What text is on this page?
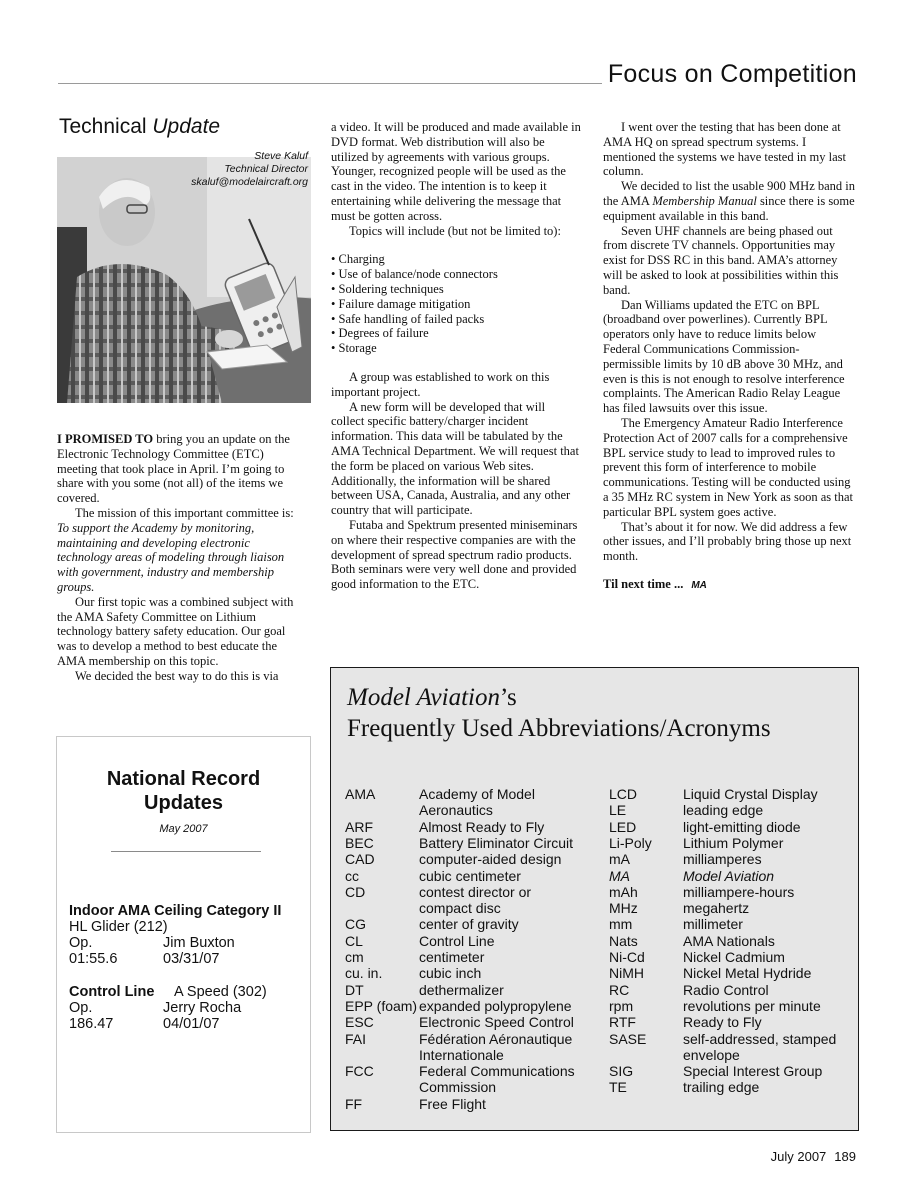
Focus on Competition
Technical Update
Steve Kaluf
Technical Director
skaluf@modelaircraft.org

I PROMISED TO bring you an update on the Electronic Technology Committee (ETC) meeting that took place in April. I’m going to share with you some (not all) of the items we covered.

The mission of this important committee is: To support the Academy by monitoring, maintaining and developing electronic technology areas of modeling through liaison with government, industry and membership groups.

Our first topic was a combined subject with the AMA Safety Committee on Lithium technology battery safety education. Our goal was to develop a method to best educate the AMA membership on this topic.

We decided the best way to do this is via

a video. It will be produced and made available in DVD format. Web distribution will also be utilized by agreements with various groups. Younger, recognized people will be used as the cast in the video. The intention is to keep it entertaining while delivering the message that must be gotten across.

Topics will include (but not be limited to):

• Charging
• Use of balance/node connectors
• Soldering techniques
• Failure damage mitigation
• Safe handling of failed packs
• Degrees of failure
• Storage

A group was established to work on this important project.

A new form will be developed that will collect specific battery/charger incident information. This data will be tabulated by the AMA Technical Department. We will request that the form be placed on various Web sites. Additionally, the information will be shared between USA, Canada, Australia, and any other country that will participate.

Futaba and Spektrum presented miniseminars on where their respective companies are with the development of spread spectrum radio products. Both seminars were very well done and provided good information to the ETC.

I went over the testing that has been done at AMA HQ on spread spectrum systems. I mentioned the systems we have tested in my last column.

We decided to list the usable 900 MHz band in the AMA Membership Manual since there is some equipment available in this band.

Seven UHF channels are being phased out from discrete TV channels. Opportunities may exist for DSS RC in this band. AMA’s attorney will be asked to look at possibilities within this band.

Dan Williams updated the ETC on BPL (broadband over powerlines). Currently BPL operators only have to reduce limits below Federal Communications Commission-permissible limits by 10 dB above 30 MHz, and even is this is not enough to resolve interference complaints. The American Radio Relay League has filed lawsuits over this issue.

The Emergency Amateur Radio Interference Protection Act of 2007 calls for a comprehensive BPL service study to lead to improved rules to prevent this form of interference to mobile communications. Testing will be conducted using a 35 MHz RC system in New York as soon as that particular BPL system goes active.

That’s about it for now. We did address a few other issues, and I’ll probably bring those up next month.

Til next time ... MA

National Record
Updates
May 2007
Indoor AMA Ceiling Category II
HL Glider (212)
Op.	Jim Buxton
01:55.6	03/31/07
Control Line A Speed (302)
Op.	Jerry Rocha
186.47	04/01/07
Model Aviation’s
Frequently Used Abbreviations/Acronyms
AMA	Academy of Model
Aeronautics
ARF	Almost Ready to Fly
BEC	Battery Eliminator Circuit
CAD	computer-aided design
cc	cubic centimeter
CD	contest director or
compact disc
CG	center of gravity
CL	Control Line
cm	centimeter
cu. in.	cubic inch
DT	dethermalizer
EPP (foam) expanded polypropylene
ESC	Electronic Speed Control
FAI	Fédération Aéronautique
Internationale
FCC	Federal Communications
Commission
FF	Free Flight
LCD	Liquid Crystal Display
LE	leading edge
LED	light-emitting diode
Li-Poly Lithium Polymer
mA	milliamperes
MA	Model Aviation
mAh	milliampere-hours
MHz	megahertz
mm	millimeter
Nats	AMA Nationals
Ni-Cd	Nickel Cadmium
NiMH	Nickel Metal Hydride
RC	Radio Control
rpm	revolutions per minute
RTF	Ready to Fly
SASE	self-addressed, stamped
envelope
SIG	Special Interest Group
TE	trailing edge
July 2007 189
